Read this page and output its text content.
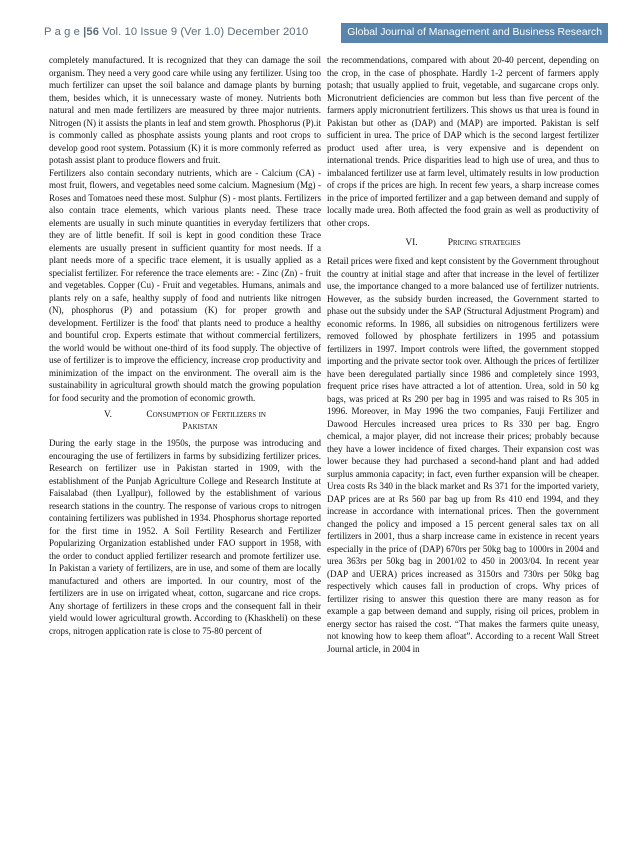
P a g e |56 Vol. 10 Issue 9 (Ver 1.0) December 2010	Global Journal of Management and Business Research

completely manufactured. It is recognized that they can damage the soil organism. They need a very good care while using any fertilizer. Using too much fertilizer can upset the soil balance and damage plants by burning them, besides which, it is unnecessary waste of money. Nutrients both natural and men made fertilizers are measured by three major nutrients. Nitrogen (N) it assists the plants in leaf and stem growth. Phosphorus (P).it is commonly called as phosphate assists young plants and root crops to develop good root system. Potassium (K) it is more commonly referred as potash assist plant to produce flowers and fruit.

Fertilizers also contain secondary nutrients, which are - Calcium (CA) - most fruit, flowers, and vegetables need some calcium. Magnesium (Mg) - Roses and Tomatoes need these most. Sulphur (S) - most plants. Fertilizers also contain trace elements, which various plants need. These trace elements are usually in such minute quantities in everyday fertilizers that they are of little benefit. If soil is kept in good condition these Trace elements are usually present in sufficient quantity for most needs. If a plant needs more of a specific trace element, it is usually applied as a specialist fertilizer. For reference the trace elements are: - Zinc (Zn) - fruit and vegetables. Copper (Cu) - Fruit and vegetables. Humans, animals and plants rely on a safe, healthy supply of food and nutrients like nitrogen (N), phosphorus (P) and potassium (K) for proper growth and development. Fertilizer is the food' that plants need to produce a healthy and bountiful crop. Experts estimate that without commercial fertilizers, the world would be without one-third of its food supply. The objective of use of fertilizer is to improve the efficiency, increase crop productivity and minimization of the impact on the environment. The overall aim is the sustainability in agricultural growth should match the growing population for food security and the promotion of economic growth.

V.	Consumption of Fertilizers in
Pakistan

During the early stage in the 1950s, the purpose was introducing and encouraging the use of fertilizers in farms by subsidizing fertilizer prices. Research on fertilizer use in Pakistan started in 1909, with the establishment of the Punjab Agriculture College and Research Institute at Faisalabad (then Lyallpur), followed by the establishment of various research stations in the country. The response of various crops to nitrogen containing fertilizers was published in 1934. Phosphorus shortage reported for the first time in 1952. A Soil Fertility Research and Fertilizer Popularizing Organization established under FAO support in 1958, with the order to conduct applied fertilizer research and promote fertilizer use. In Pakistan a variety of fertilizers, are in use, and some of them are locally manufactured and others are imported. In our country, most of the fertilizers are in use on irrigated wheat, cotton, sugarcane and rice crops. Any shortage of fertilizers in these crops and the consequent fall in their yield would lower agricultural growth. According to (Khaskheli) on these crops, nitrogen application rate is close to 75-80 percent of

the recommendations, compared with about 20-40 percent, depending on the crop, in the case of phosphate. Hardly 1-2 percent of farmers apply potash; that usually applied to fruit, vegetable, and sugarcane crops only. Micronutrient deficiencies are common but less than five percent of the farmers apply micronutrient fertilizers. This shows us that urea is found in Pakistan but other as (DAP) and (MAP) are imported. Pakistan is self sufficient in urea. The price of DAP which is the second largest fertilizer product used after urea, is very expensive and is dependent on international trends. Price disparities lead to high use of urea, and thus to imbalanced fertilizer use at farm level, ultimately results in low production of crops if the prices are high. In recent few years, a sharp increase comes in the price of imported fertilizer and a gap between demand and supply of locally made urea. Both affected the food grain as well as productivity of other crops.

VI.	Pricing strategies

Retail prices were fixed and kept consistent by the Government throughout the country at initial stage and after that increase in the level of fertilizer use, the importance changed to a more balanced use of fertilizer nutrients. However, as the subsidy burden increased, the Government started to phase out the subsidy under the SAP (Structural Adjustment Program) and economic reforms. In 1986, all subsidies on nitrogenous fertilizers were removed followed by phosphate fertilizers in 1995 and potassium fertilizers in 1997. Import controls were lifted, the government stopped importing and the private sector took over. Although the prices of fertilizer have been deregulated partially since 1986 and completely since 1993, frequent price rises have attracted a lot of attention. Urea, sold in 50 kg bags, was priced at Rs 290 per bag in 1995 and was raised to Rs 305 in 1996. Moreover, in May 1996 the two companies, Fauji Fertilizer and Dawood Hercules increased urea prices to Rs 330 per bag. Engro chemical, a major player, did not increase their prices; probably because they have a lower incidence of fixed charges. Their expansion cost was lower because they had purchased a second-hand plant and had added surplus ammonia capacity; in fact, even further expansion will be cheaper. Urea costs Rs 340 in the black market and Rs 371 for the imported variety, DAP prices are at Rs 560 par bag up from Rs 410 end 1994, and they increase in accordance with international prices. Then the government changed the policy and imposed a 15 percent general sales tax on all fertilizers in 2001, thus a sharp increase came in existence in recent years especially in the price of (DAP) 670rs per 50kg bag to 1000rs in 2004 and urea 363rs per 50kg bag in 2001/02 to 450 in 2003/04. In recent year (DAP and UERA) prices increased as 3150rs and 730rs per 50kg bag respectively which causes fall in production of crops. Why prices of fertilizer rising to answer this question there are many reason as for example a gap between demand and supply, rising oil prices, problem in energy sector has raised the cost. “That makes the farmers quite uneasy, not knowing how to keep them afloat”. According to a recent Wall Street Journal article, in 2004 in
